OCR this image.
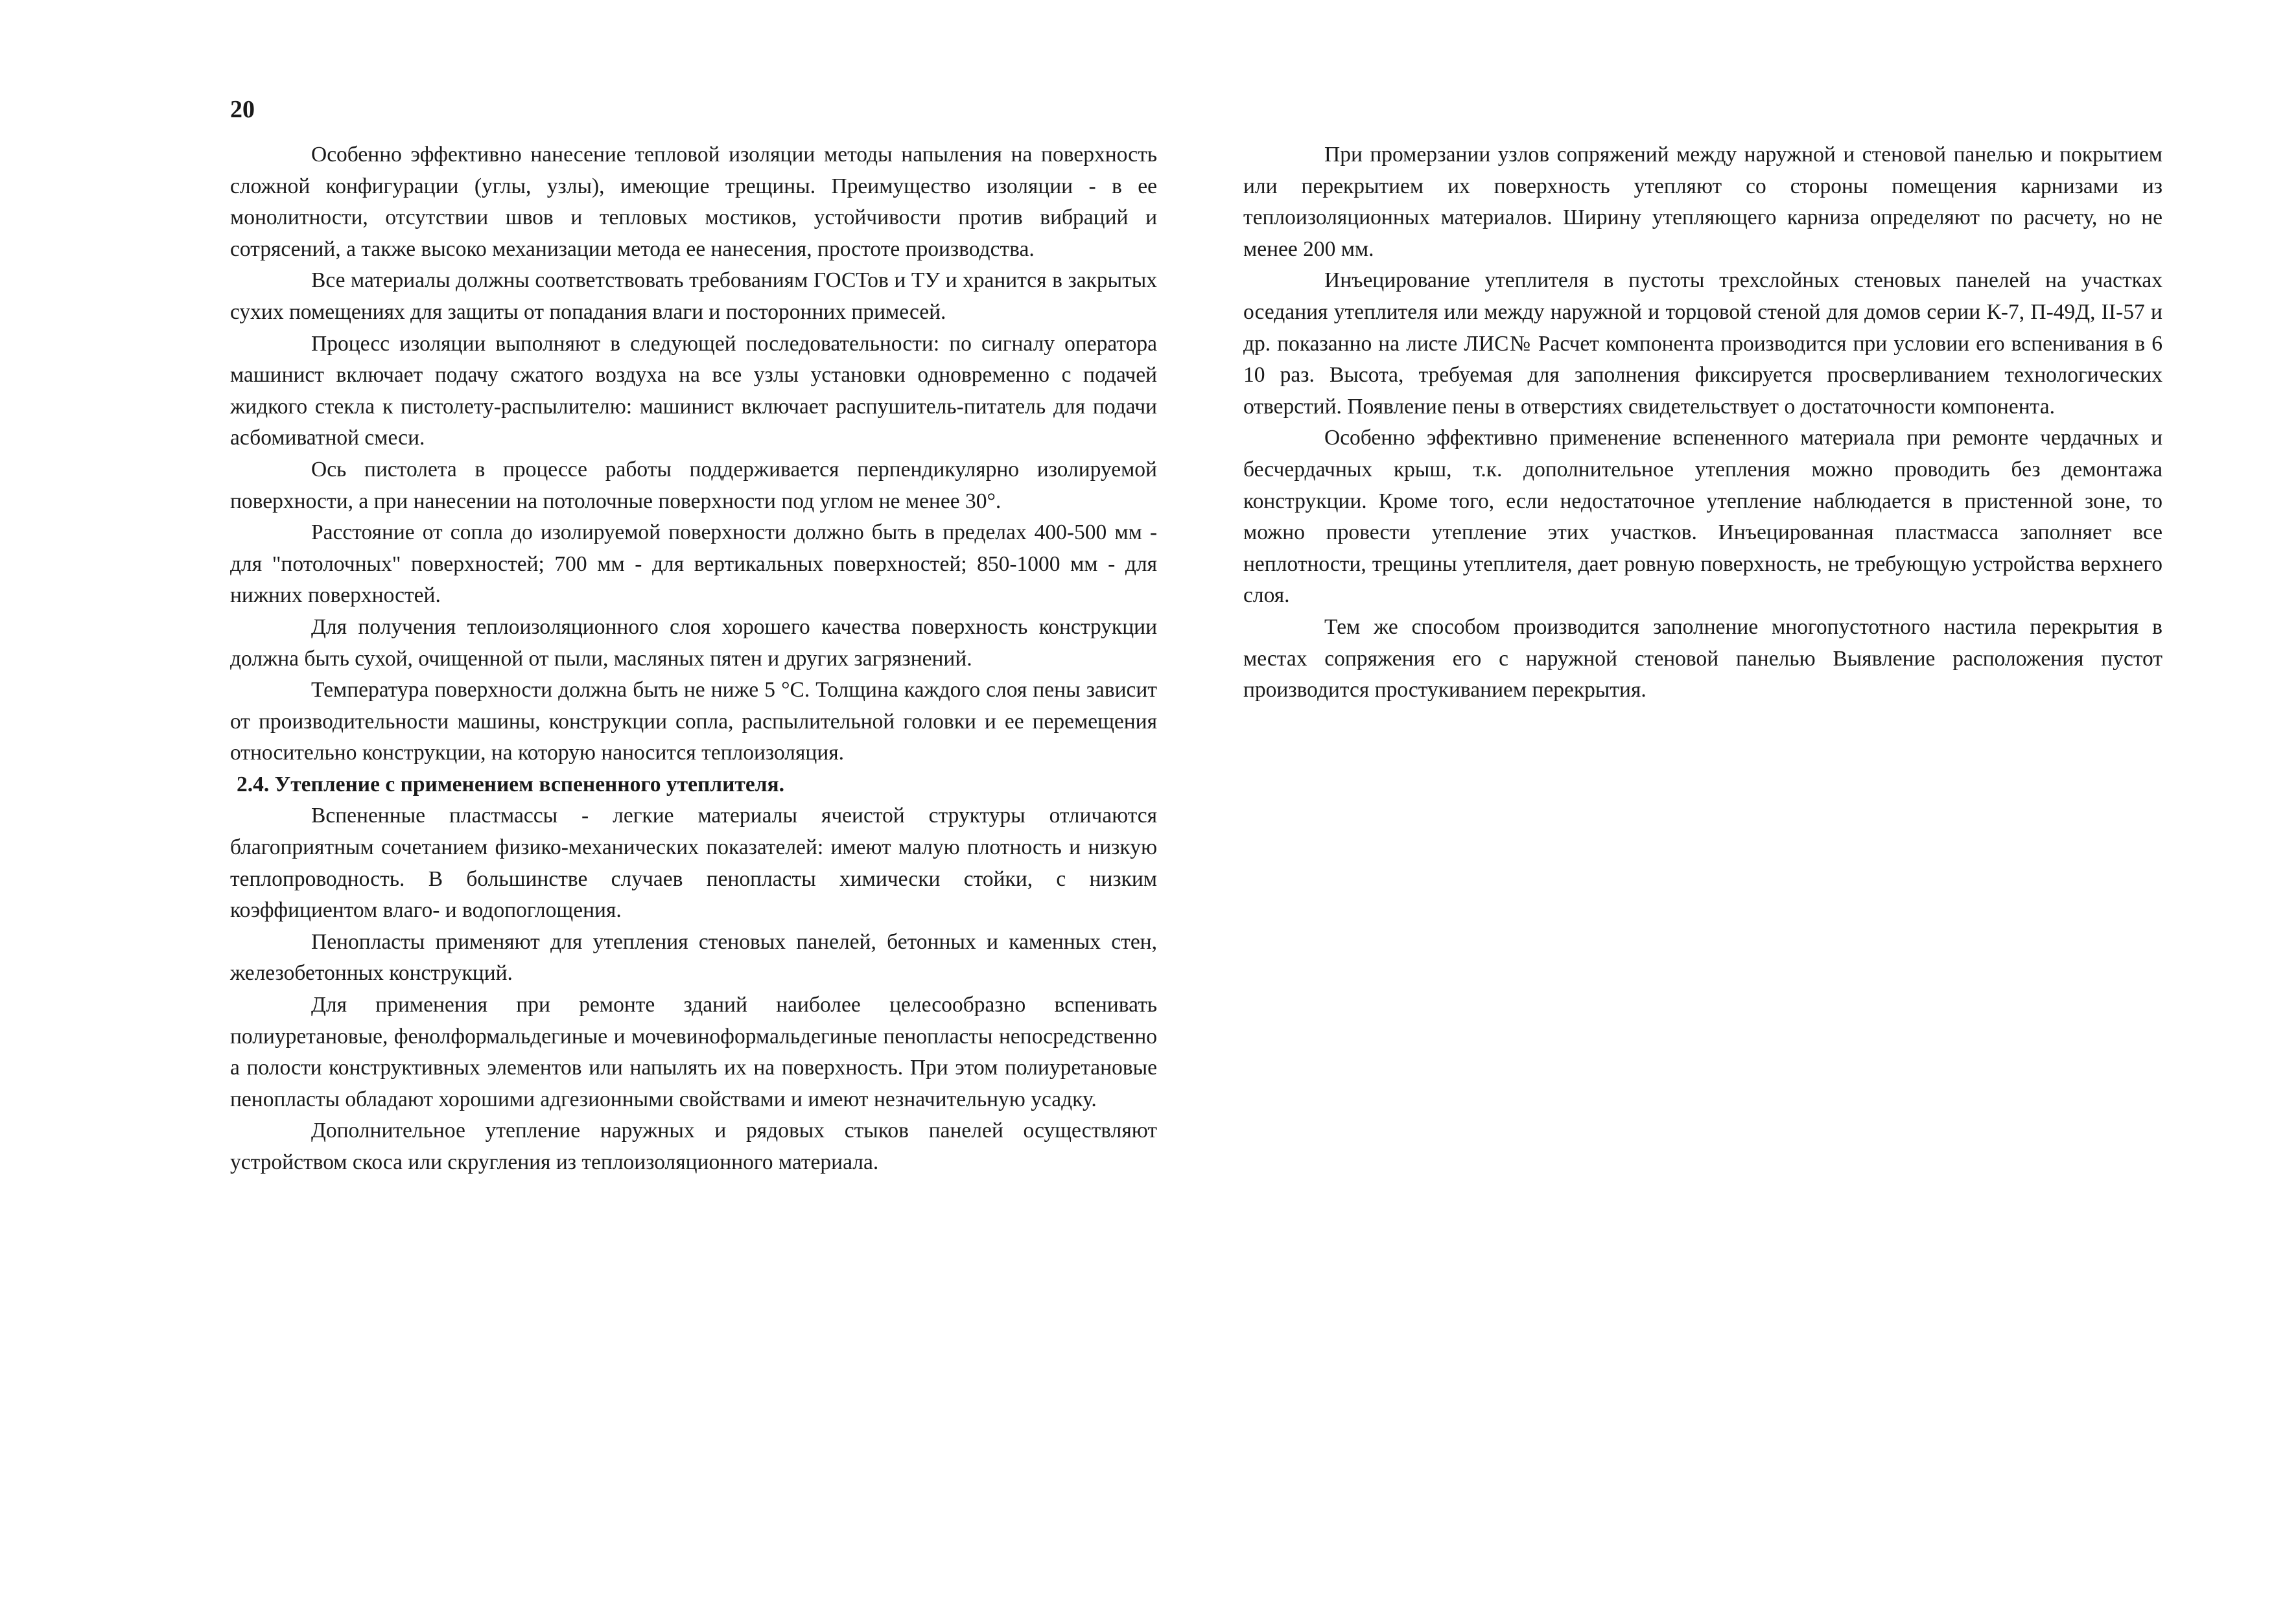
20

Особенно эффективно нанесение тепловой изоляции методы напыления на поверхность сложной конфигурации (углы, узлы), имеющие трещины. Преимущество изоляции - в ее монолитности, отсутствии швов и тепловых мостиков, устойчивости против вибраций и сотрясений, а также высоко механизации метода ее нанесения, простоте производства.

Все материалы должны соответствовать требованиям ГОСТов и ТУ и хранится в закрытых сухих помещениях для защиты от попадания влаги и посторонних примесей.

Процесс изоляции выполняют в следующей последовательности: по сигналу оператора машинист включает подачу сжатого воздуха на все узлы установки одновременно с подачей жидкого стекла к пистолету-распылителю: машинист включает распушитель-питатель для подачи асбомиватной смеси.

Ось пистолета в процессе работы поддерживается перпендикулярно изолируемой поверхности, а при нанесении на потолочные поверхности под углом не менее 30°.

Расстояние от сопла до изолируемой поверхности должно быть в пределах 400-500 мм - для "потолочных" поверхностей; 700 мм - для вертикальных поверхностей; 850-1000 мм - для нижних поверхностей.

Для получения теплоизоляционного слоя хорошего качества поверхность конструкции должна быть сухой, очищенной от пыли, масляных пятен и других загрязнений.

Температура поверхности должна быть не ниже 5 °С. Толщина каждого слоя пены зависит от производительности машины, конструкции сопла, распылительной головки и ее перемещения относительно конструкции, на которую наносится теплоизоляция.

2.4. Утепление с применением вспененного утеплителя.

Вспененные пластмассы - легкие материалы ячеистой структуры отличаются благоприятным сочетанием физико-механических показателей: имеют малую плотность и низкую теплопроводность. В большинстве случаев пенопласты химически стойки, с низким коэффициентом влаго- и водопоглощения.

Пенопласты применяют для утепления стеновых панелей, бетонных и каменных стен, железобетонных конструкций.

Для применения при ремонте зданий наиболее целесообразно вспенивать полиуретановые, фенолформальдегиные и мочевиноформальдегиные пенопласты непосредственно а полости конструктивных элементов или напылять их на поверхность. При этом полиуретановые пенопласты обладают хорошими адгезионными свойствами и имеют незначительную усадку.

Дополнительное утепление наружных и рядовых стыков панелей осуществляют устройством скоса или скругления из теплоизоляционного материала.

При промерзании узлов сопряжений между наружной и стеновой панелью и покрытием или перекрытием их поверхность утепляют со стороны помещения карнизами из теплоизоляционных материалов. Ширину утепляющего карниза определяют по расчету, но не менее 200 мм.

Инъецирование утеплителя в пустоты трехслойных стеновых панелей на участках оседания утеплителя или между наружной и торцовой стеной для домов серии К-7, П-49Д, II-57 и др. показанно на листе ЛИС№ Расчет компонента производится при условии его вспенивания в 6 10 раз. Высота, требуемая для заполнения фиксируется просверливанием технологических отверстий. Появление пены в отверстиях свидетельствует о достаточности компонента.

Особенно эффективно применение вспененного материала при ремонте чердачных и бесчердачных крыш, т.к. дополнительное утепления можно проводить без демонтажа конструкции. Кроме того, если недостаточное утепление наблюдается в пристенной зоне, то можно провести утепление этих участков. Инъецированная пластмасса заполняет все неплотности, трещины утеплителя, дает ровную поверхность, не требующую устройства верхнего слоя.

Тем же способом производится заполнение многопустотного настила перекрытия в местах сопряжения его с наружной стеновой панелью Выявление расположения пустот производится простукиванием перекрытия.
